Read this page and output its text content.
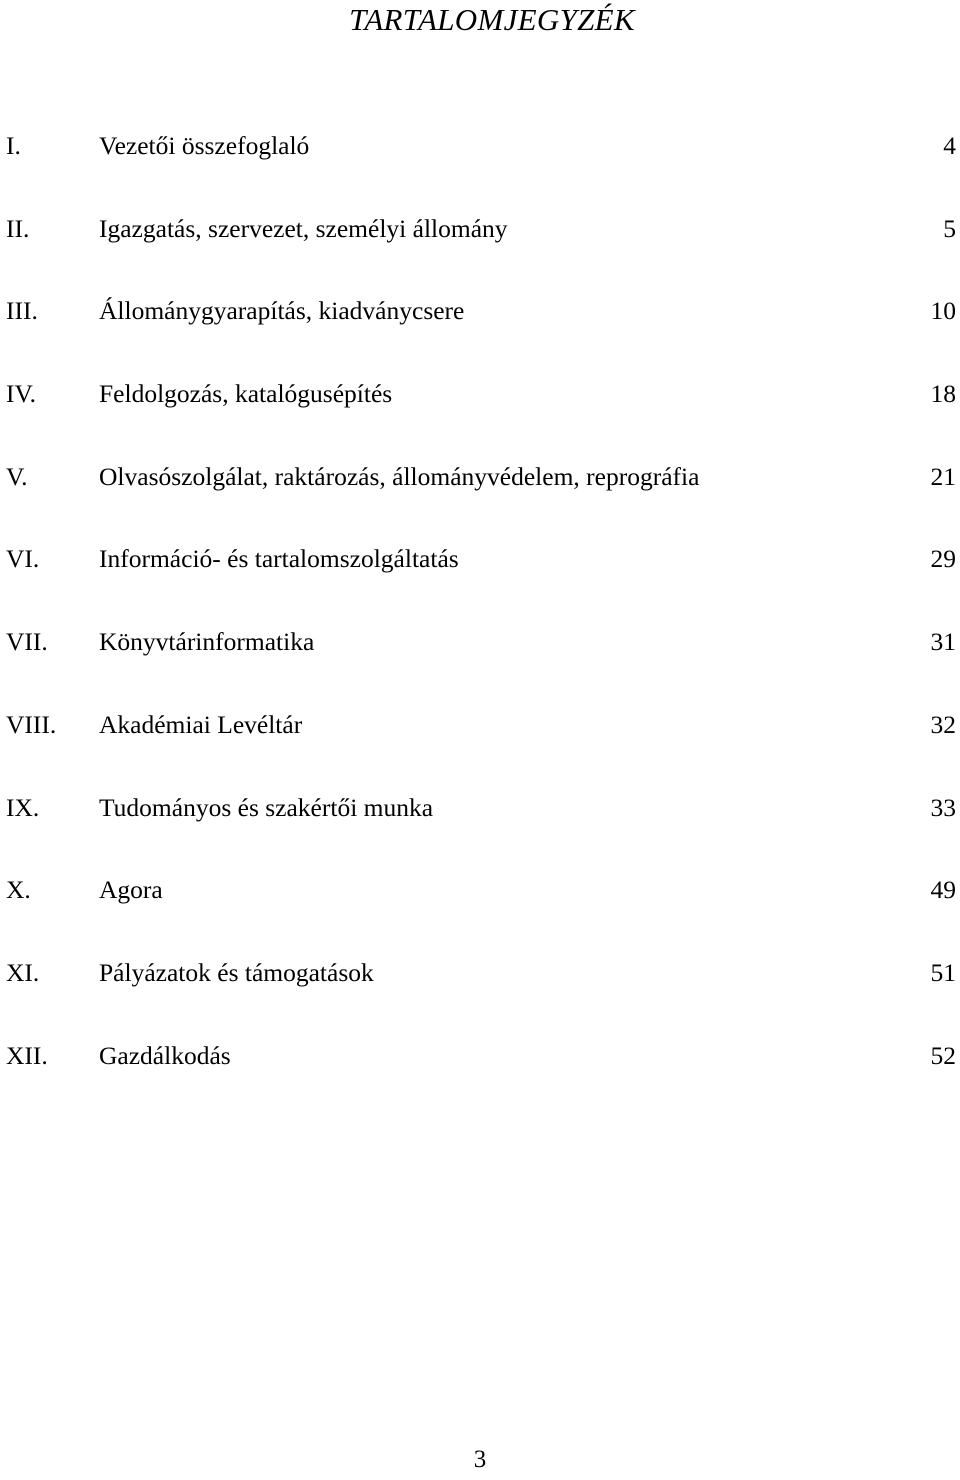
TARTALOMJEGYZÉK
I.	Vezetői összefoglaló	4
II.	Igazgatás, szervezet, személyi állomány	5
III. Állománygyarapítás, kiadványcsere	10
IV. Feldolgozás, katalógusépítés	18
V.	Olvasószolgálat, raktározás, állományvédelem, reprográfia	21
VI. Információ- és tartalomszolgáltatás	29
VII. Könyvtárinformatika	31
VIII. Akadémiai Levéltár	32
IX. Tudományos és szakértői munka	33
X.	Agora	49
XI. Pályázatok és támogatások	51
XII. Gazdálkodás	52
3
